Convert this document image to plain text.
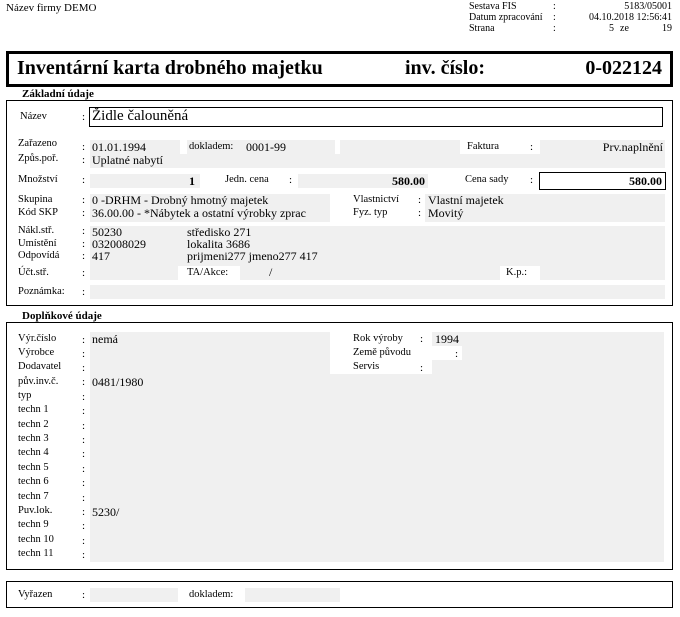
Název firmy DEMO	Sestava FIS	:	5183/05001
Datum zpracování :	04.10.2018 12:56:41
Strana	:	5 ze	19
Inventární karta drobného majetku	inv. číslo:	0-022124
Základní údaje
Název	: Židle čalouněná
Zařazeno : 01.01.1994	dokladem: 0001-99	Faktura	:	Prv.naplnění
Způs.poř. : Uplatné nabytí
Množství :	1	Jedn. cena :	580.00	Cena sady :	580.00
Skupina	: 0 -DRHM - Drobný hmotný majetek
Kód SKP : 36.00.00 - *Nábytek a ostatní výrobky zprac
Vlastnictví : Vlastní majetek
Fyz. typ	: Movitý
Nákl.stř.	: 50230	středisko 271
Umístění : 032008029	lokalita 3686
Odpovídá : 417	prijmeni277 jmeno277 417
Účt.stř.	:	TA/Akce:	/	K.p.:
Poznámka: :
Doplňkové údaje
Výr.číslo : nemá
Výrobce	:
Dodavatel :
pův.inv.č. : 0481/1980
typ	:
techn 1	:
techn 2	:
techn 3	:
techn 4	:
techn 5	:
techn 6	:
techn 7	:
Puv.lok.	: 5230/
techn 9	:
techn 10	:
techn 11	:
Rok výroby : 1994
Země původu	:
Servis	:
Vyřazen	:	dokladem:
